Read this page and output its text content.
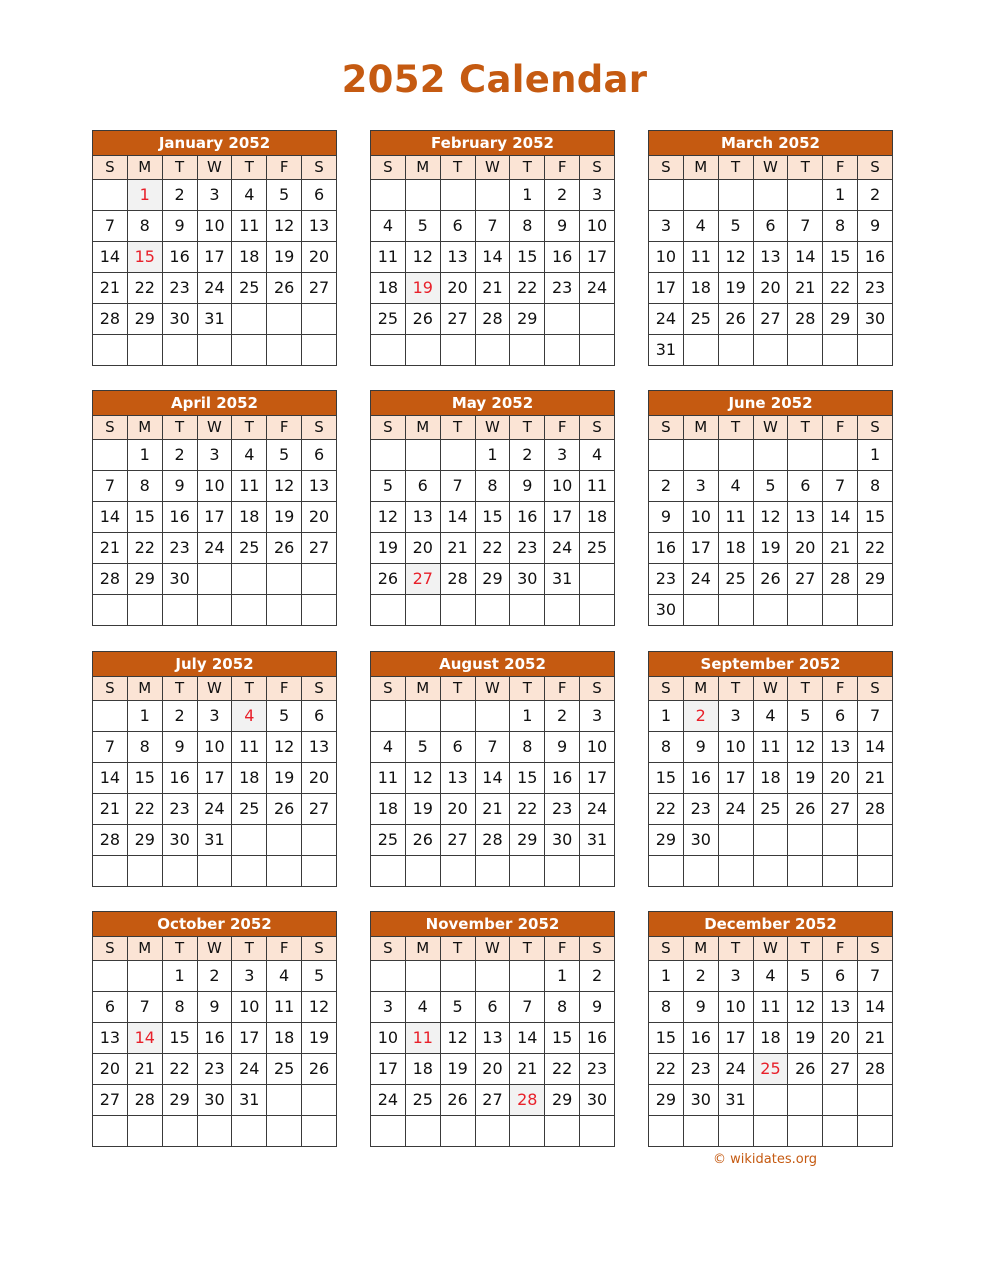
2052 Calendar
January 2052
S	M	T	W	T	F	S
	1	2	3	4	5	6
7	8	9	10	11	12	13
14	15	16	17	18	19	20
21	22	23	24	25	26	27
28	29	30	31			

February 2052
S	M	T	W	T	F	S
				1	2	3
4	5	6	7	8	9	10
11	12	13	14	15	16	17
18	19	20	21	22	23	24
25	26	27	28	29		

March 2052
S	M	T	W	T	F	S
					1	2
3	4	5	6	7	8	9
10	11	12	13	14	15	16
17	18	19	20	21	22	23
24	25	26	27	28	29	30
31						
April 2052
S	M	T	W	T	F	S
	1	2	3	4	5	6
7	8	9	10	11	12	13
14	15	16	17	18	19	20
21	22	23	24	25	26	27
28	29	30				

May 2052
S	M	T	W	T	F	S
			1	2	3	4
5	6	7	8	9	10	11
12	13	14	15	16	17	18
19	20	21	22	23	24	25
26	27	28	29	30	31	

June 2052
S	M	T	W	T	F	S
						1
2	3	4	5	6	7	8
9	10	11	12	13	14	15
16	17	18	19	20	21	22
23	24	25	26	27	28	29
30						
July 2052
S	M	T	W	T	F	S
	1	2	3	4	5	6
7	8	9	10	11	12	13
14	15	16	17	18	19	20
21	22	23	24	25	26	27
28	29	30	31			

August 2052
S	M	T	W	T	F	S
				1	2	3
4	5	6	7	8	9	10
11	12	13	14	15	16	17
18	19	20	21	22	23	24
25	26	27	28	29	30	31

September 2052
S	M	T	W	T	F	S
1	2	3	4	5	6	7
8	9	10	11	12	13	14
15	16	17	18	19	20	21
22	23	24	25	26	27	28
29	30					

October 2052
S	M	T	W	T	F	S
		1	2	3	4	5
6	7	8	9	10	11	12
13	14	15	16	17	18	19
20	21	22	23	24	25	26
27	28	29	30	31		

November 2052
S	M	T	W	T	F	S
					1	2
3	4	5	6	7	8	9
10	11	12	13	14	15	16
17	18	19	20	21	22	23
24	25	26	27	28	29	30

December 2052
S	M	T	W	T	F	S
1	2	3	4	5	6	7
8	9	10	11	12	13	14
15	16	17	18	19	20	21
22	23	24	25	26	27	28
29	30	31				

© wikidates.org
